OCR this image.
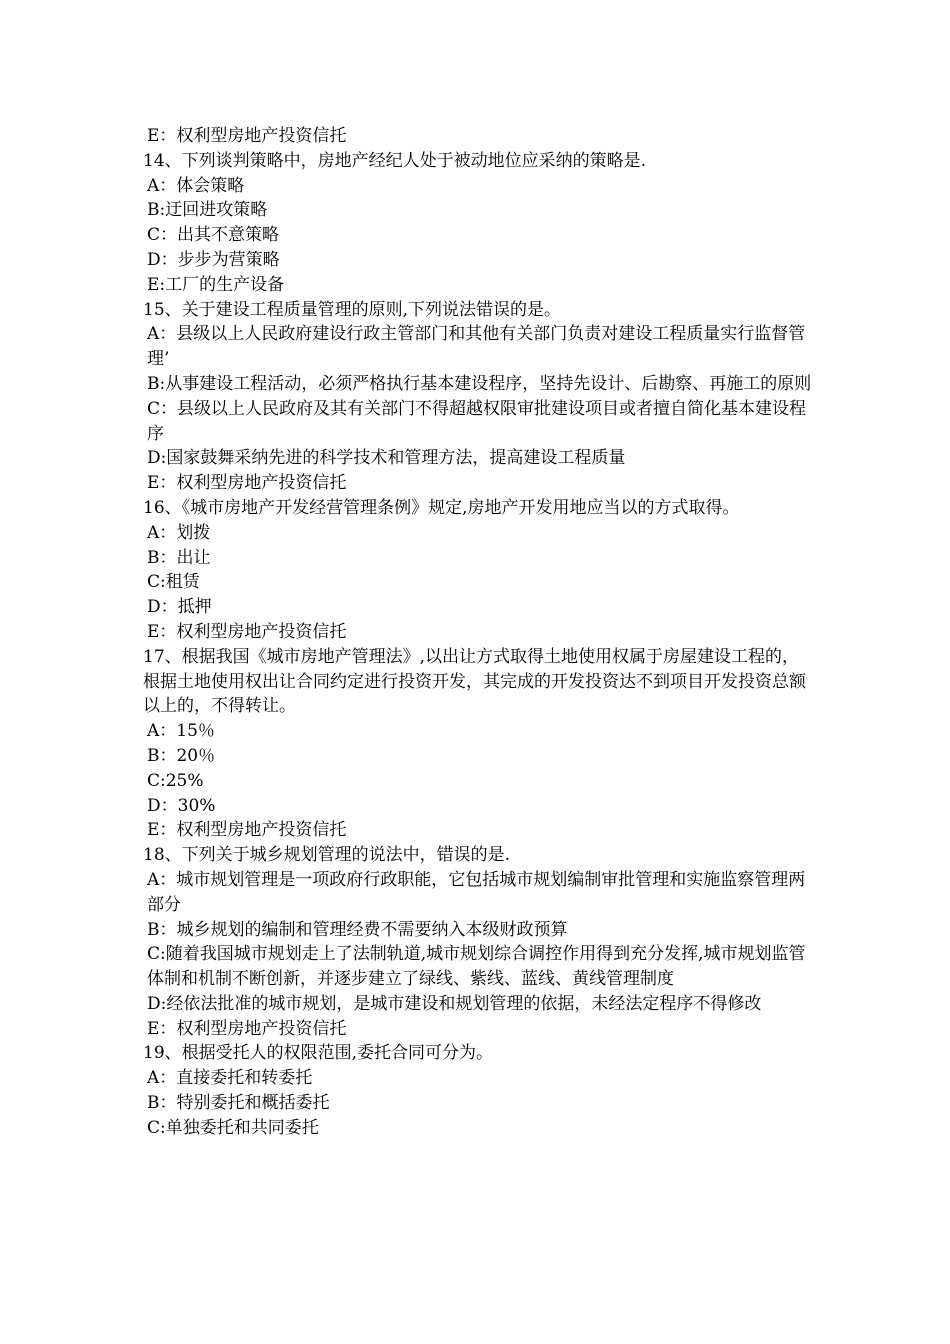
E：权利型房地产投资信托
14、下列谈判策略中，房地产经纪人处于被动地位应采纳的策略是.
A：体会策略
B:迂回进攻策略
C：出其不意策略
D：步步为营策略
E:工厂的生产设备
15、关于建设工程质量管理的原则,下列说法错误的是。
A：县级以上人民政府建设行政主管部门和其他有关部门负责对建设工程质量实行监督管理’
B:从事建设工程活动，必须严格执行基本建设程序，坚持先设计、后勘察、再施工的原则
C：县级以上人民政府及其有关部门不得超越权限审批建设项目或者擅自简化基本建设程序
D:国家鼓舞采纳先进的科学技术和管理方法，提高建设工程质量
E：权利型房地产投资信托
16、《城市房地产开发经营管理条例》规定,房地产开发用地应当以的方式取得。
A：划拨
B：出让
C:租赁
D：抵押
E：权利型房地产投资信托
17、根据我国《城市房地产管理法》,以出让方式取得土地使用权属于房屋建设工程的，根据土地使用权出让合同约定进行投资开发，其完成的开发投资达不到项目开发投资总额以上的，不得转让。
A：15％
B：20％
C:25%
D：30%
E：权利型房地产投资信托
18、下列关于城乡规划管理的说法中，错误的是.
A：城市规划管理是一项政府行政职能，它包括城市规划编制审批管理和实施监察管理两部分
B：城乡规划的编制和管理经费不需要纳入本级财政预算
C:随着我国城市规划走上了法制轨道,城市规划综合调控作用得到充分发挥,城市规划监管体制和机制不断创新，并逐步建立了绿线、紫线、蓝线、黄线管理制度
D:经依法批准的城市规划，是城市建设和规划管理的依据，未经法定程序不得修改
E：权利型房地产投资信托
19、根据受托人的权限范围,委托合同可分为。
A：直接委托和转委托
B：特别委托和概括委托
C:单独委托和共同委托
